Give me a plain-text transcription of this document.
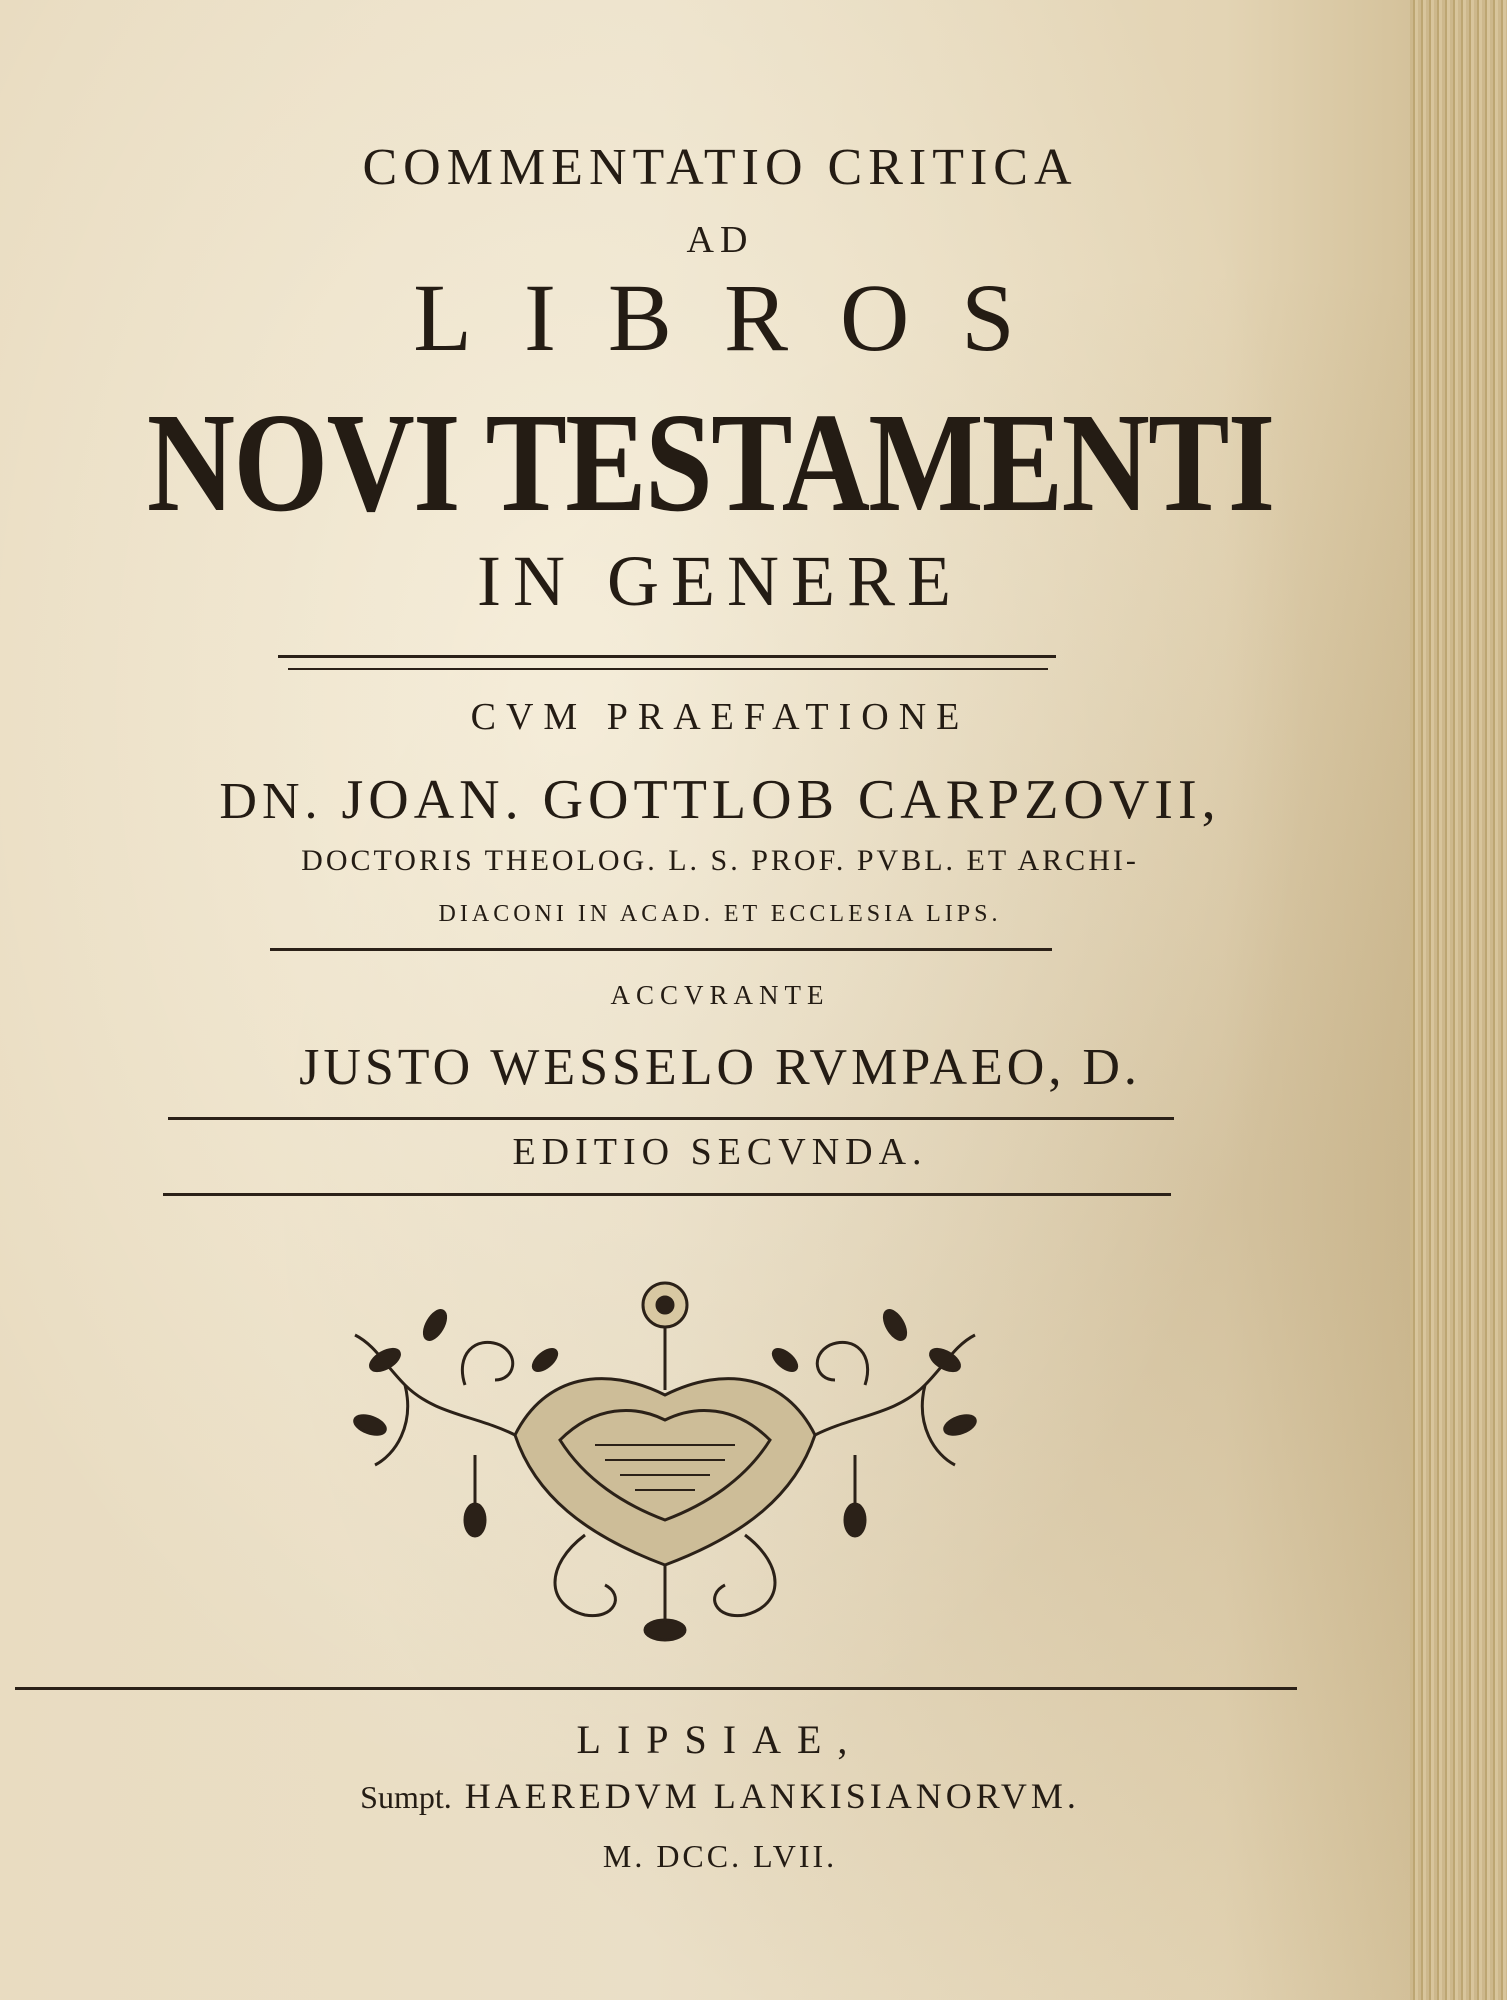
COMMENTATIO CRITICA
AD
LIBROS
NOVI TESTAMENTI
IN GENERE
CVM PRAEFATIONE
DN. JOAN. GOTTLOB CARPZOVII,
DOCTORIS THEOLOG. L. S. PROF. PVBL. ET ARCHI-
DIACONI IN ACAD. ET ECCLESIA LIPS.
ACCVRANTE
JUSTO WESSELO RVMPAEO, D.
EDITIO SECVNDA.
LIPSIAE,
Sumpt. HAEREDVM LANKISIANORVM.
M. DCC. LVII.
